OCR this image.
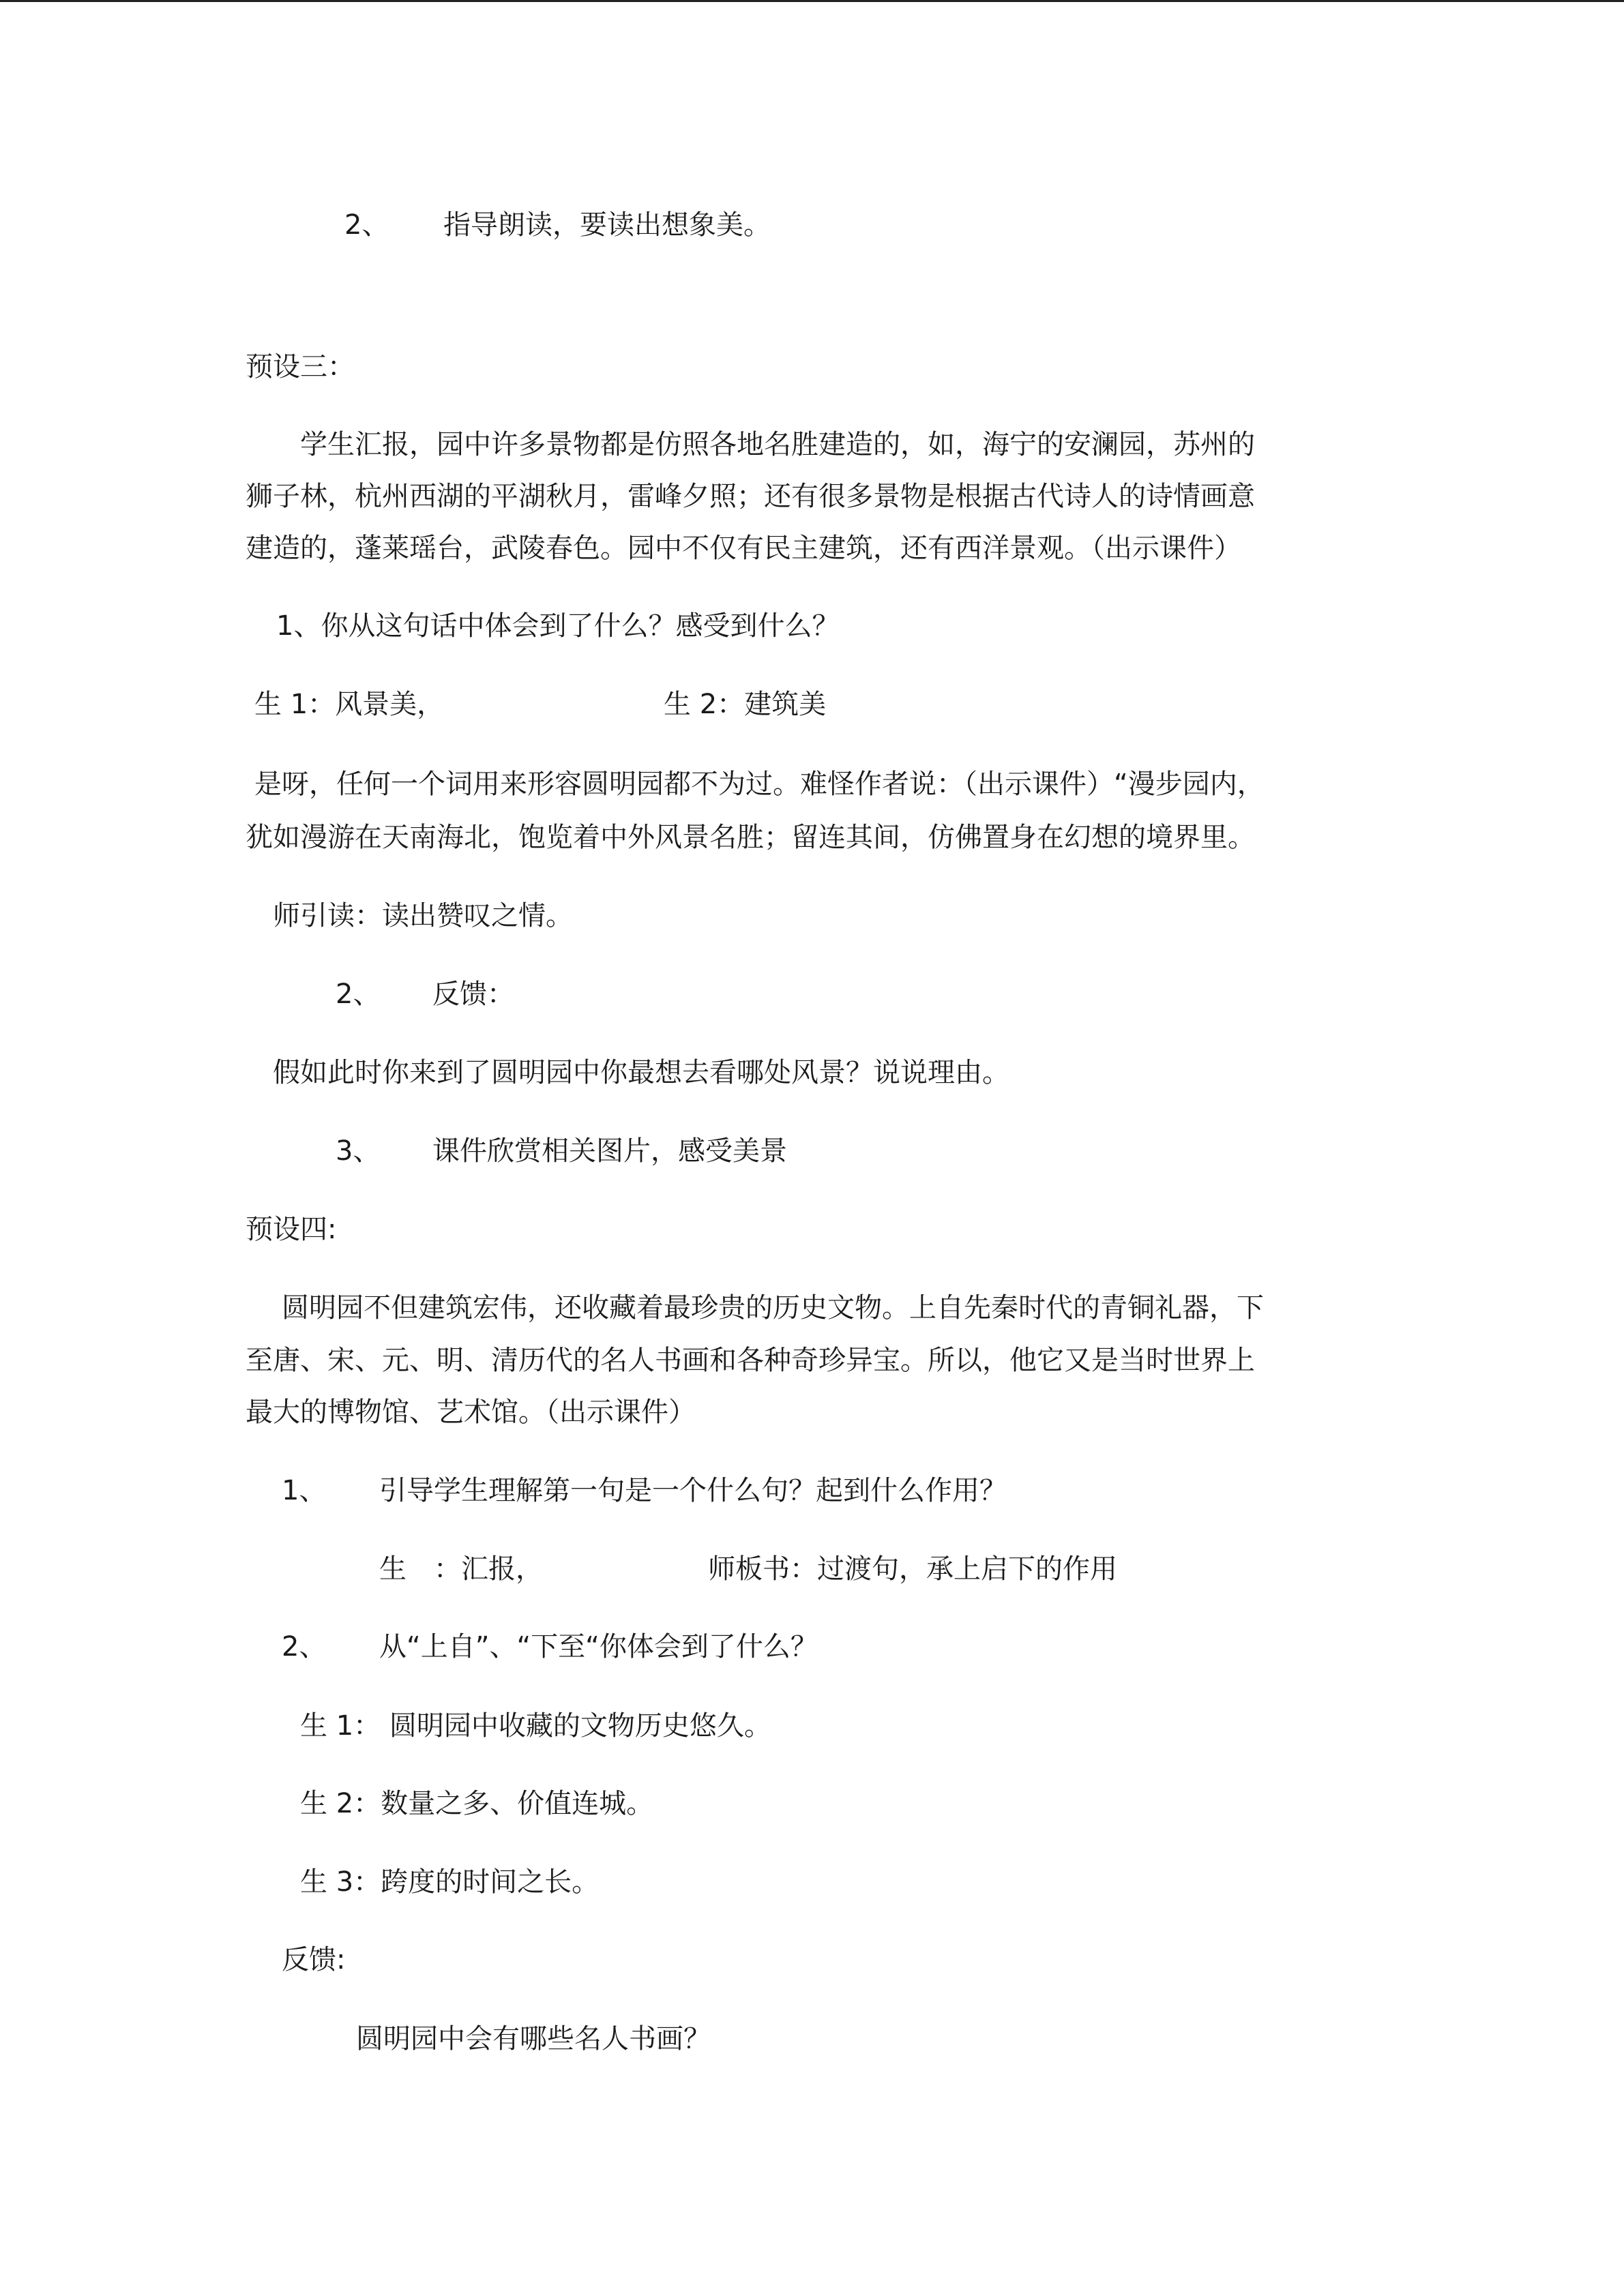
2、 指导朗读，要读出想象美。
预设三：
学生汇报，园中许多景物都是仿照各地名胜建造的，如，海宁的安澜园，苏州的
狮子林，杭州西湖的平湖秋月，雷峰夕照；还有很多景物是根据古代诗人的诗情画意
建造的，蓬莱瑶台，武陵春色。园中不仅有民主建筑，还有西洋景观。（出示课件）
1、你从这句话中体会到了什么？感受到什么？
生 1：风景美，	生 2：建筑美
是呀，任何一个词用来形容圆明园都不为过。难怪作者说：（出示课件）“漫步园内，
犹如漫游在天南海北，饱览着中外风景名胜；留连其间，仿佛置身在幻想的境界里。
师引读：读出赞叹之情。
2、 反馈：
假如此时你来到了圆明园中你最想去看哪处风景？说说理由。
3、 课件欣赏相关图片，感受美景
预设四:
圆明园不但建筑宏伟，还收藏着最珍贵的历史文物。上自先秦时代的青铜礼器，下
至唐、宋、元、明、清历代的名人书画和各种奇珍异宝。所以，他它又是当时世界上
最大的博物馆、艺术馆。（出示课件）
1、 引导学生理解第一句是一个什么句？起到什么作用？
生　：汇报，	师板书：过渡句，承上启下的作用
2、 从“上自”、“下至“你体会到了什么？
生 1： 圆明园中收藏的文物历史悠久。
生 2：数量之多、价值连城。
生 3：跨度的时间之长。
反馈:
圆明园中会有哪些名人书画？
